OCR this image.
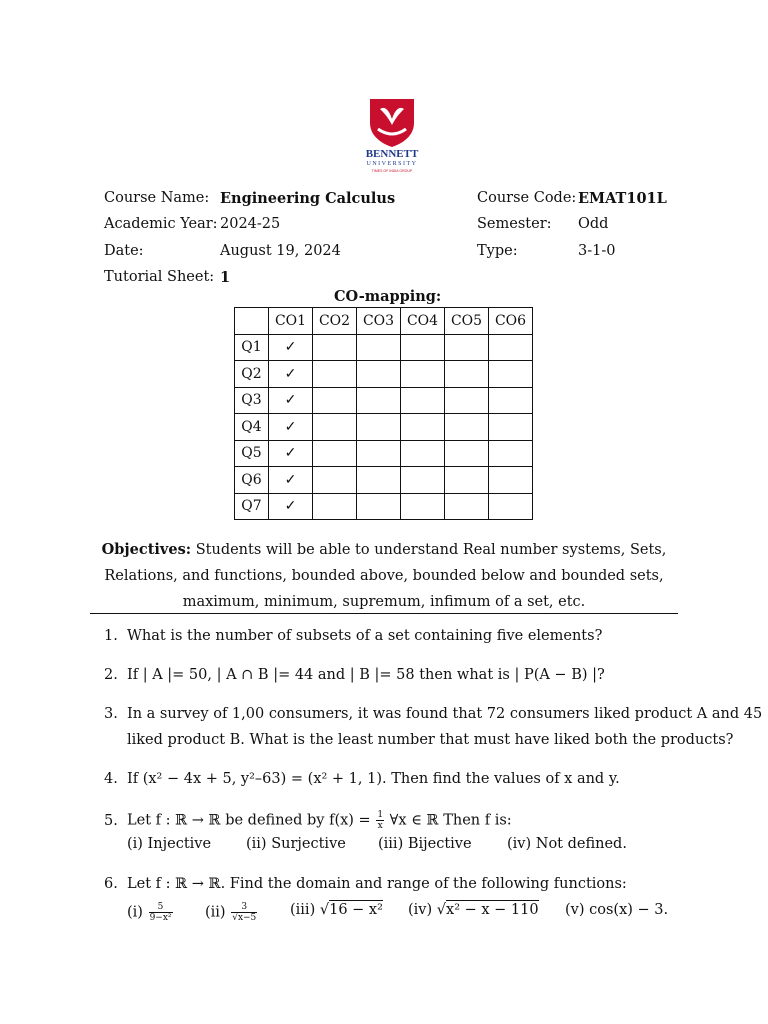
BENNETT
UNIVERSITY
TIMES OF INDIA GROUP
Course Name: Engineering Calculus	Course Code: EMAT101L
Academic Year: 2024-25	Semester: Odd
Date:	August 19, 2024	Type:	3-1-0
Tutorial Sheet: 1
CO-mapping:
	CO1	CO2	CO3	CO4	CO5	CO6
Q1	✓					
Q2	✓					
Q3	✓					
Q4	✓					
Q5	✓					
Q6	✓					
Q7	✓					
Objectives: Students will be able to understand Real number systems, Sets, Relations, and functions, bounded above, bounded below and bounded sets, maximum, minimum, supremum, infimum of a set, etc.
1. What is the number of subsets of a set containing five elements?
2. If | A |= 50, | A ∩ B |= 44 and | B |= 58 then what is | P(A − B) |?
3. In a survey of 1,00 consumers, it was found that 72 consumers liked product A and 45
liked product B. What is the least number that must have liked both the products?
4. If (x² − 4x + 5, y²–63) = (x² + 1, 1). Then find the values of x and y.
5. Let f : ℝ → ℝ be defined by $f(x) = \frac{1}{x}$ ∀x ∈ ℝ Then f is:
(i) Injective (ii) Surjective (iii) Bijective (iv) Not defined.
6. Let f : ℝ → ℝ. Find the domain and range of the following functions:
$(i) \frac{5}{\text{9−x²}} (ii) \frac{3}{√x-5} (iii) √16 - x^2$ (iv) √x² − x − 110 (v) cos(x) − 3.
